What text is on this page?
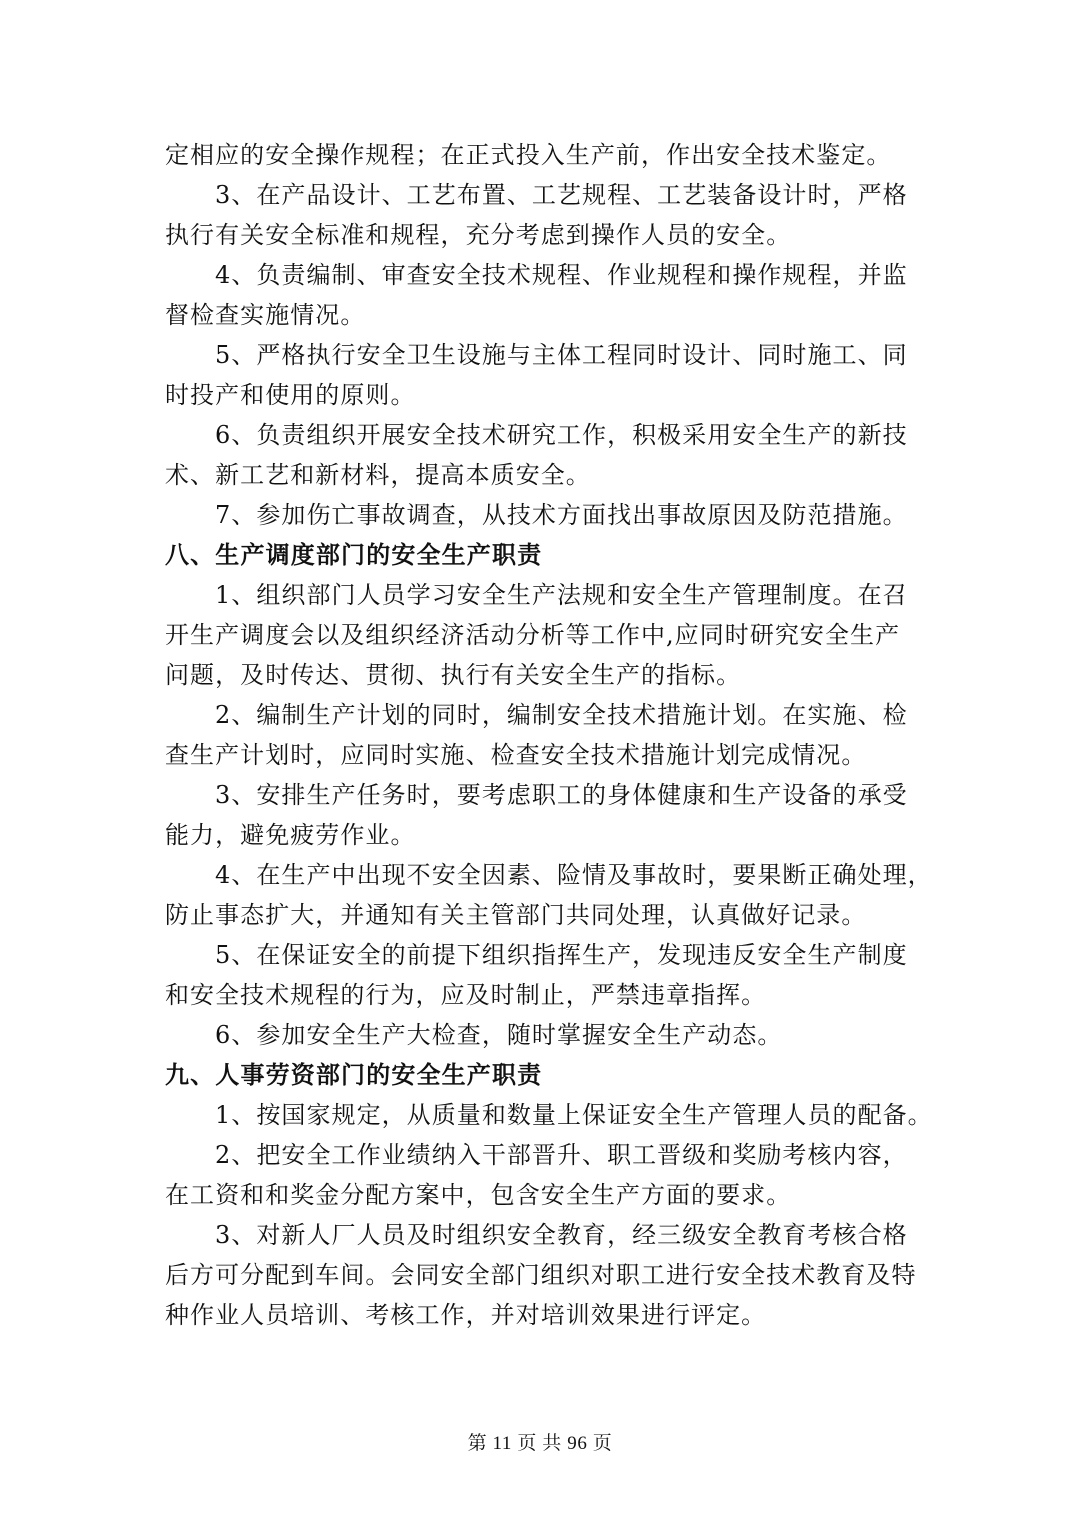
定相应的安全操作规程；在正式投入生产前，作出安全技术鉴定。
3、在产品设计、工艺布置、工艺规程、工艺装备设计时，严格
执行有关安全标准和规程，充分考虑到操作人员的安全。
4、负责编制、审查安全技术规程、作业规程和操作规程，并监
督检查实施情况。
5、严格执行安全卫生设施与主体工程同时设计、同时施工、同
时投产和使用的原则。
6、负责组织开展安全技术研究工作，积极采用安全生产的新技
术、新工艺和新材料，提高本质安全。
7、参加伤亡事故调查，从技术方面找出事故原因及防范措施。
八、生产调度部门的安全生产职责
1、组织部门人员学习安全生产法规和安全生产管理制度。在召
开生产调度会以及组织经济活动分析等工作中,应同时研究安全生产
问题，及时传达、贯彻、执行有关安全生产的指标。
2、编制生产计划的同时，编制安全技术措施计划。在实施、检
查生产计划时，应同时实施、检查安全技术措施计划完成情况。
3、安排生产任务时，要考虑职工的身体健康和生产设备的承受
能力，避免疲劳作业。
4、在生产中出现不安全因素、险情及事故时，要果断正确处理，
防止事态扩大，并通知有关主管部门共同处理，认真做好记录。
5、在保证安全的前提下组织指挥生产，发现违反安全生产制度
和安全技术规程的行为，应及时制止，严禁违章指挥。
6、参加安全生产大检查，随时掌握安全生产动态。
九、人事劳资部门的安全生产职责
1、按国家规定，从质量和数量上保证安全生产管理人员的配备。
2、把安全工作业绩纳入干部晋升、职工晋级和奖励考核内容，
在工资和和奖金分配方案中，包含安全生产方面的要求。
3、对新人厂人员及时组织安全教育，经三级安全教育考核合格
后方可分配到车间。会同安全部门组织对职工进行安全技术教育及特
种作业人员培训、考核工作，并对培训效果进行评定。
第 11 页 共 96 页
